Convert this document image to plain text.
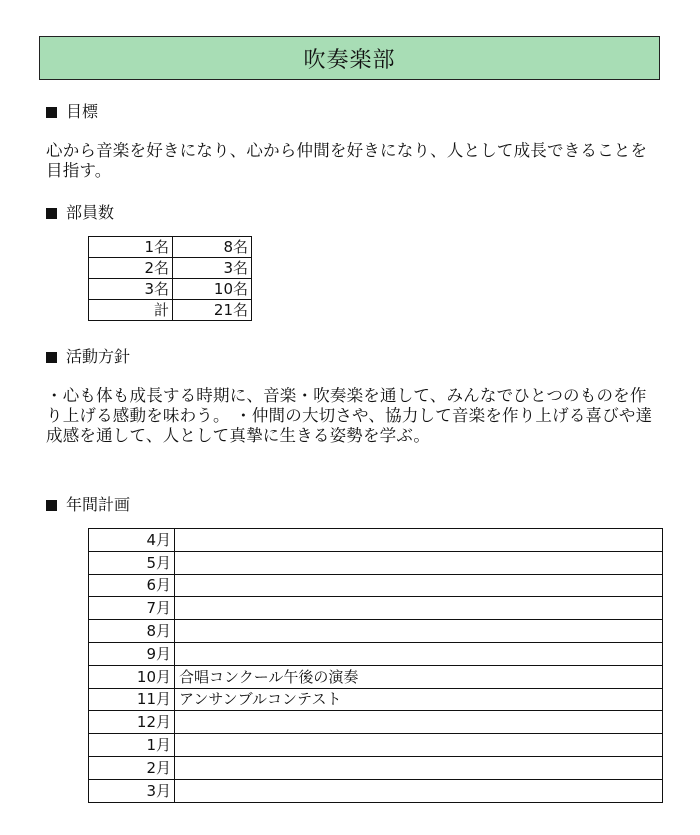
吹奏楽部
目標

心から音楽を好きになり、心から仲間を好きになり、人として成長できることを目指す。

部員数
1名	8名
2名	3名
3名	10名
計	21名
活動方針

・心も体も成長する時期に、音楽・吹奏楽を通して、みんなでひとつのものを作り上げる感動を味わう。 ・仲間の大切さや、協力して音楽を作り上げる喜びや達成感を通して、人として真摯に生きる姿勢を学ぶ。

年間計画
4月	
5月	
6月	
7月	
8月	
9月	
10月	合唱コンクール午後の演奏
11月	アンサンブルコンテスト
12月	
1月	
2月	
3月	
